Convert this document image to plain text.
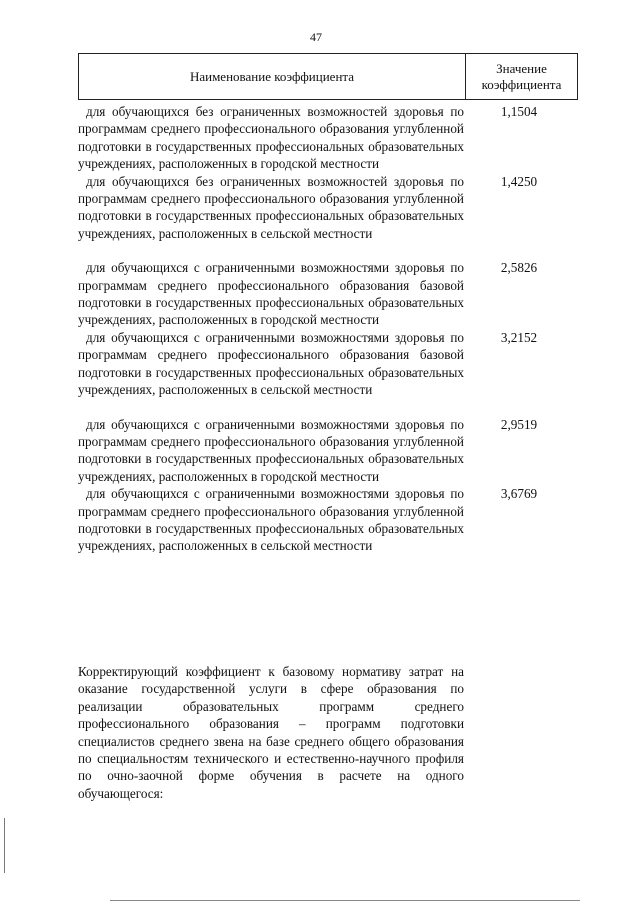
47
Наименование коэффициента
Значение коэффициента
для обучающихся без ограниченных возможностей здоровья по программам среднего профессионального образования углубленной подготовки в государственных профессиональных образовательных учреждениях, расположенных в городской местности
1,1504
для обучающихся без ограниченных возможностей здоровья по программам среднего профессионального образования углубленной подготовки в государственных профессиональных образовательных учреждениях, расположенных в сельской местности
1,4250
для обучающихся с ограниченными возможностями здоровья по программам среднего профессионального образования базовой подготовки в государственных профессиональных образовательных учреждениях, расположенных в городской местности
2,5826
для обучающихся с ограниченными возможностями здоровья по программам среднего профессионального образования базовой подготовки в государственных профессиональных образовательных учреждениях, расположенных в сельской местности
3,2152
для обучающихся с ограниченными возможностями здоровья по программам среднего профессионального образования углубленной подготовки в государственных профессиональных образовательных учреждениях, расположенных в городской местности
2,9519
для обучающихся с ограниченными возможностями здоровья по программам среднего профессионального образования углубленной подготовки в государственных профессиональных образовательных учреждениях, расположенных в сельской местности
3,6769
Корректирующий коэффициент к базовому нормативу затрат на оказание государственной услуги в сфере образования по реализации образовательных программ среднего профессионального образования – программ подготовки специалистов среднего звена на базе среднего общего образования по специальностям технического и естественно-научного профиля по очно-заочной форме обучения в расчете на одного обучающегося:
